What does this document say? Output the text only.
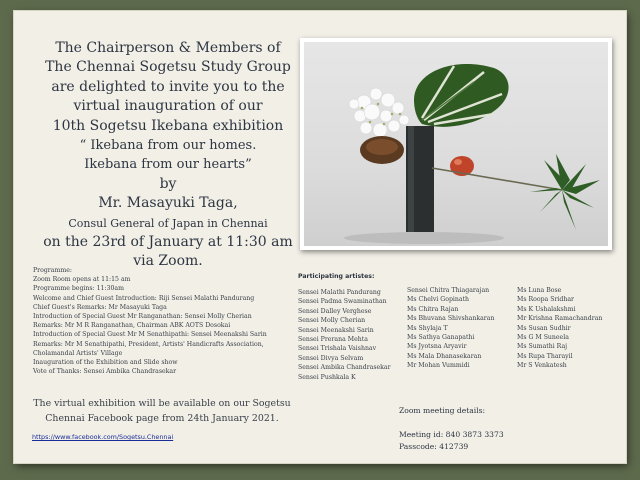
The Chairperson & Members of
The Chennai Sogetsu Study Group
are delighted to invite you to the
virtual inauguration of our
10th Sogetsu Ikebana exhibition
“ Ikebana from our homes.
Ikebana from our hearts”
by
Mr. Masayuki Taga,
Consul General of Japan in Chennai
on the 23rd of January at 11:30 am
via Zoom.
Programme:
Zoom Room opens at 11:15 am
Programme begins: 11:30am
Welcome and Chief Guest Introduction: Riji Sensei Malathi Pandurang
Chief Guest's Remarks: Mr Masayuki Taga
Introduction of Special Guest Mr Ranganathan: Sensei Molly Cherian
Remarks: Mr M R Ranganathan, Chairman ABK AOTS Dosokai
Introduction of Special Guest Mr M Senathipathi: Sensei Meenakshi Sarin
Remarks: Mr M Senathipathi, President, Artists' Handicrafts Association,
Cholamandal Artists' Village
Inauguration of the Exhibition and Slide show
Vote of Thanks: Sensei Ambika Chandrasekar
Participating artistes:
Sensei Malathi Pandurang
Sensei Padma Swaminathan
Sensei Dalley Verghese
Sensei Molly Cherian
Sensei Meenakshi Sarin
Sensei Prerana Mehta
Sensei Trishala Vaishnav
Sensei Divya Selvam
Sensei Ambika Chandrasekar
Sensei Pushkala K
Sensei Chitra Thiagarajan
Ms Chelvi Gopinath
Ms Chitra Rajan
Ms Bhuvana Shivshankaran
Ms Shylaja T
Ms Sathya Ganapathi
Ms Jyotsna Aryavir
Ms Mala Dhanasekaran
Mr Mohan Vummidi
Ms Luna Bose
Ms Roopa Sridhar
Ms K Ushalakshmi
Mr Krishna Ramachandran
Ms Susan Sudhir
Ms G M Suneela
Ms Sumathi Raj
Ms Rupa Tharayil
Mr S Venkatesh
The virtual exhibition will be available on our Sogetsu
Chennai Facebook page from 24th January 2021.
https://www.facebook.com/Sogetsu.Chennai
Zoom meeting details:
Meeting id: 840 3873 3373
Passcode: 412739
